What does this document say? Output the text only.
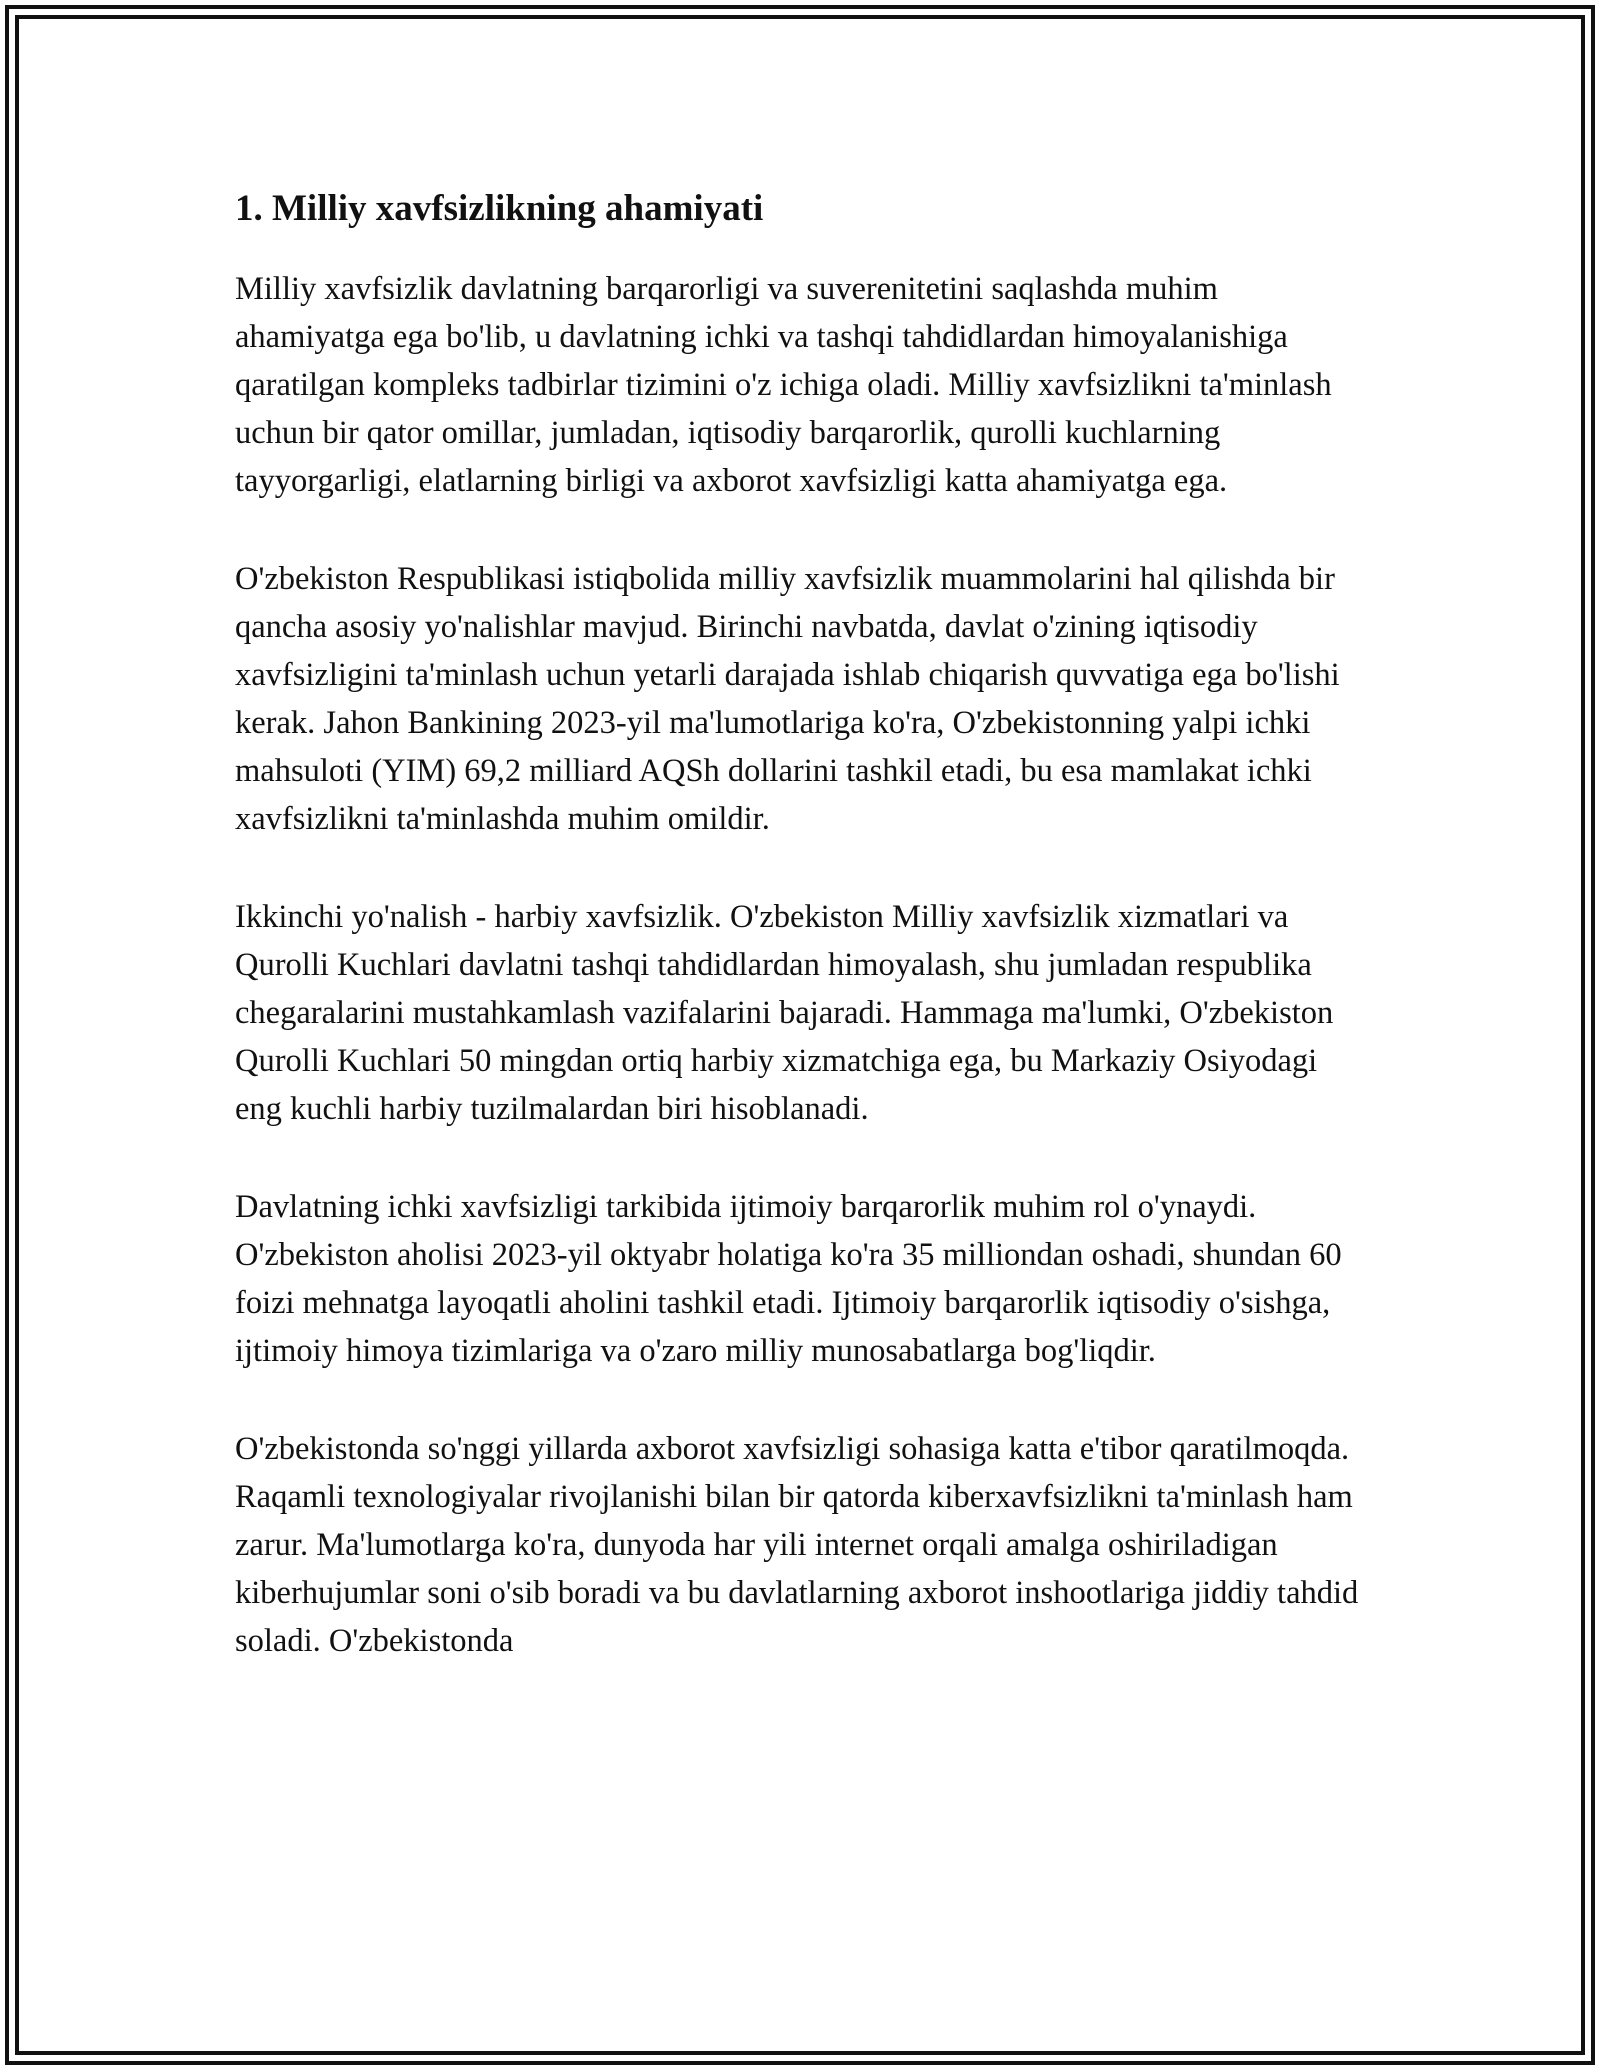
1. Milliy xavfsizlikning ahamiyati

Milliy xavfsizlik davlatning barqarorligi va suverenitetini saqlashda muhim ahamiyatga ega bo'lib, u davlatning ichki va tashqi tahdidlardan himoyalanishiga qaratilgan kompleks tadbirlar tizimini o'z ichiga oladi. Milliy xavfsizlikni ta'minlash uchun bir qator omillar, jumladan, iqtisodiy barqarorlik, qurolli kuchlarning tayyorgarligi, elatlarning birligi va axborot xavfsizligi katta ahamiyatga ega.

O'zbekiston Respublikasi istiqbolida milliy xavfsizlik muammolarini hal qilishda bir qancha asosiy yo'nalishlar mavjud. Birinchi navbatda, davlat o'zining iqtisodiy xavfsizligini ta'minlash uchun yetarli darajada ishlab chiqarish quvvatiga ega bo'lishi kerak. Jahon Bankining 2023-yil ma'lumotlariga ko'ra, O'zbekistonning yalpi ichki mahsuloti (YIM) 69,2 milliard AQSh dollarini tashkil etadi, bu esa mamlakat ichki xavfsizlikni ta'minlashda muhim omildir.

Ikkinchi yo'nalish - harbiy xavfsizlik. O'zbekiston Milliy xavfsizlik xizmatlari va Qurolli Kuchlari davlatni tashqi tahdidlardan himoyalash, shu jumladan respublika chegaralarini mustahkamlash vazifalarini bajaradi. Hammaga ma'lumki, O'zbekiston Qurolli Kuchlari 50 mingdan ortiq harbiy xizmatchiga ega, bu Markaziy Osiyodagi eng kuchli harbiy tuzilmalardan biri hisoblanadi.

Davlatning ichki xavfsizligi tarkibida ijtimoiy barqarorlik muhim rol o'ynaydi. O'zbekiston aholisi 2023-yil oktyabr holatiga ko'ra 35 milliondan oshadi, shundan 60 foizi mehnatga layoqatli aholini tashkil etadi. Ijtimoiy barqarorlik iqtisodiy o'sishga, ijtimoiy himoya tizimlariga va o'zaro milliy munosabatlarga bog'liqdir.

O'zbekistonda so'nggi yillarda axborot xavfsizligi sohasiga katta e'tibor qaratilmoqda. Raqamli texnologiyalar rivojlanishi bilan bir qatorda kiberxavfsizlikni ta'minlash ham zarur. Ma'lumotlarga ko'ra, dunyoda har yili internet orqali amalga oshiriladigan kiberhujumlar soni o'sib boradi va bu davlatlarning axborot inshootlariga jiddiy tahdid soladi. O'zbekistonda
